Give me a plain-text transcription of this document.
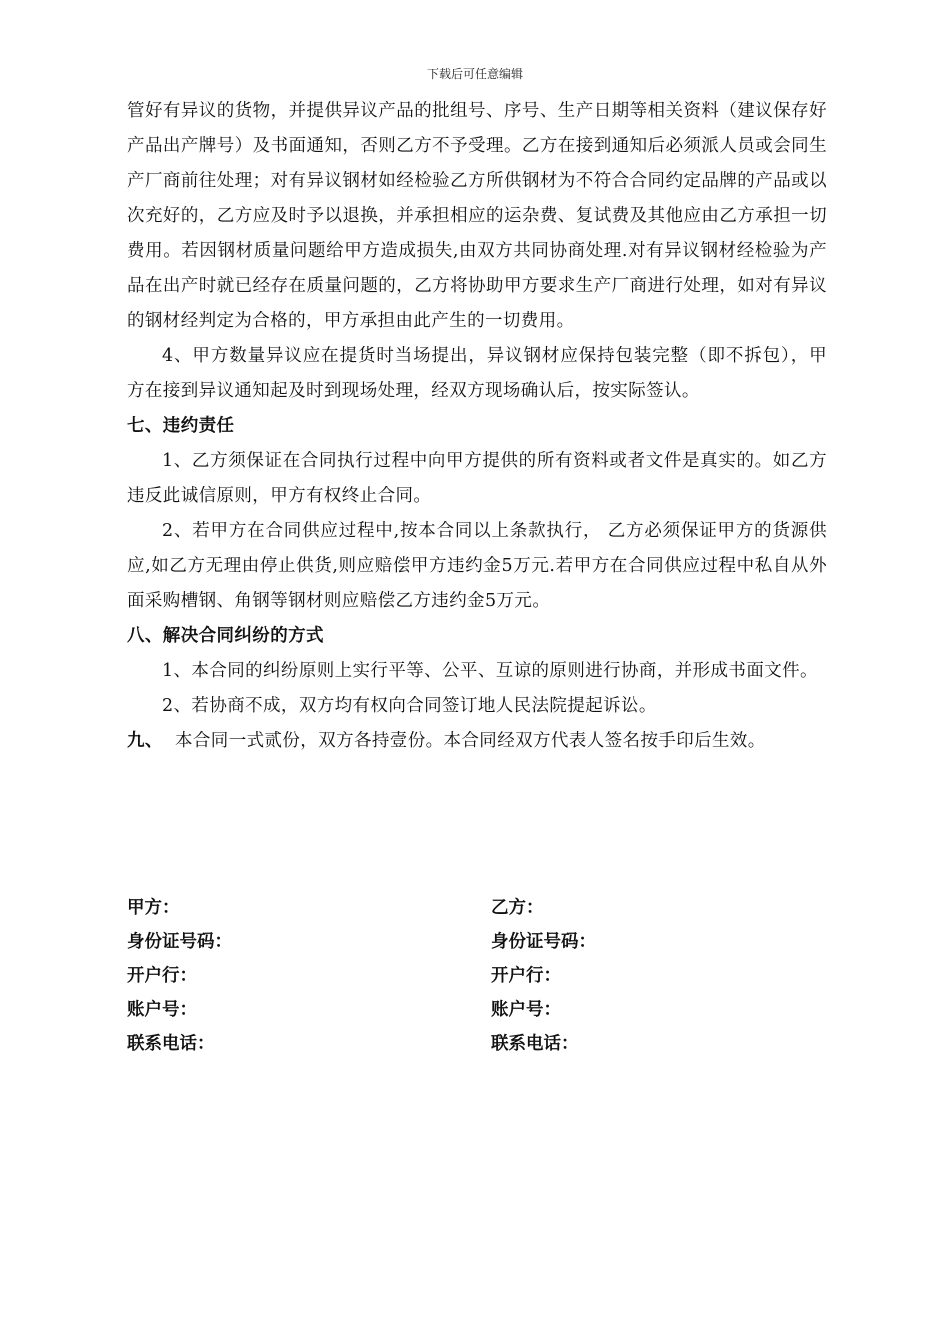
下载后可任意编辑

管好有异议的货物，并提供异议产品的批组号、序号、生产日期等相关资料（建议保存好产品出产牌号）及书面通知，否则乙方不予受理。乙方在接到通知后必须派人员或会同生产厂商前往处理；对有异议钢材如经检验乙方所供钢材为不符合合同约定品牌的产品或以次充好的，乙方应及时予以退换，并承担相应的运杂费、复试费及其他应由乙方承担一切费用。若因钢材质量问题给甲方造成损失,由双方共同协商处理.对有异议钢材经检验为产品在出产时就已经存在质量问题的，乙方将协助甲方要求生产厂商进行处理，如对有异议的钢材经判定为合格的，甲方承担由此产生的一切费用。

4、甲方数量异议应在提货时当场提出，异议钢材应保持包装完整（即不拆包），甲方在接到异议通知起及时到现场处理，经双方现场确认后，按实际签认。

七、违约责任

1、乙方须保证在合同执行过程中向甲方提供的所有资料或者文件是真实的。如乙方违反此诚信原则，甲方有权终止合同。

2、若甲方在合同供应过程中,按本合同以上条款执行， 乙方必须保证甲方的货源供应,如乙方无理由停止供货,则应赔偿甲方违约金5万元.若甲方在合同供应过程中私自从外面采购槽钢、角钢等钢材则应赔偿乙方违约金5万元。

八、解决合同纠纷的方式

1、本合同的纠纷原则上实行平等、公平、互谅的原则进行协商，并形成书面文件。

2、若协商不成，双方均有权向合同签订地人民法院提起诉讼。

九、 本合同一式贰份，双方各持壹份。本合同经双方代表人签名按手印后生效。

甲方：	乙方：
身份证号码：	身份证号码：
开户行：	开户行：
账户号：	账户号：
联系电话：	联系电话：
